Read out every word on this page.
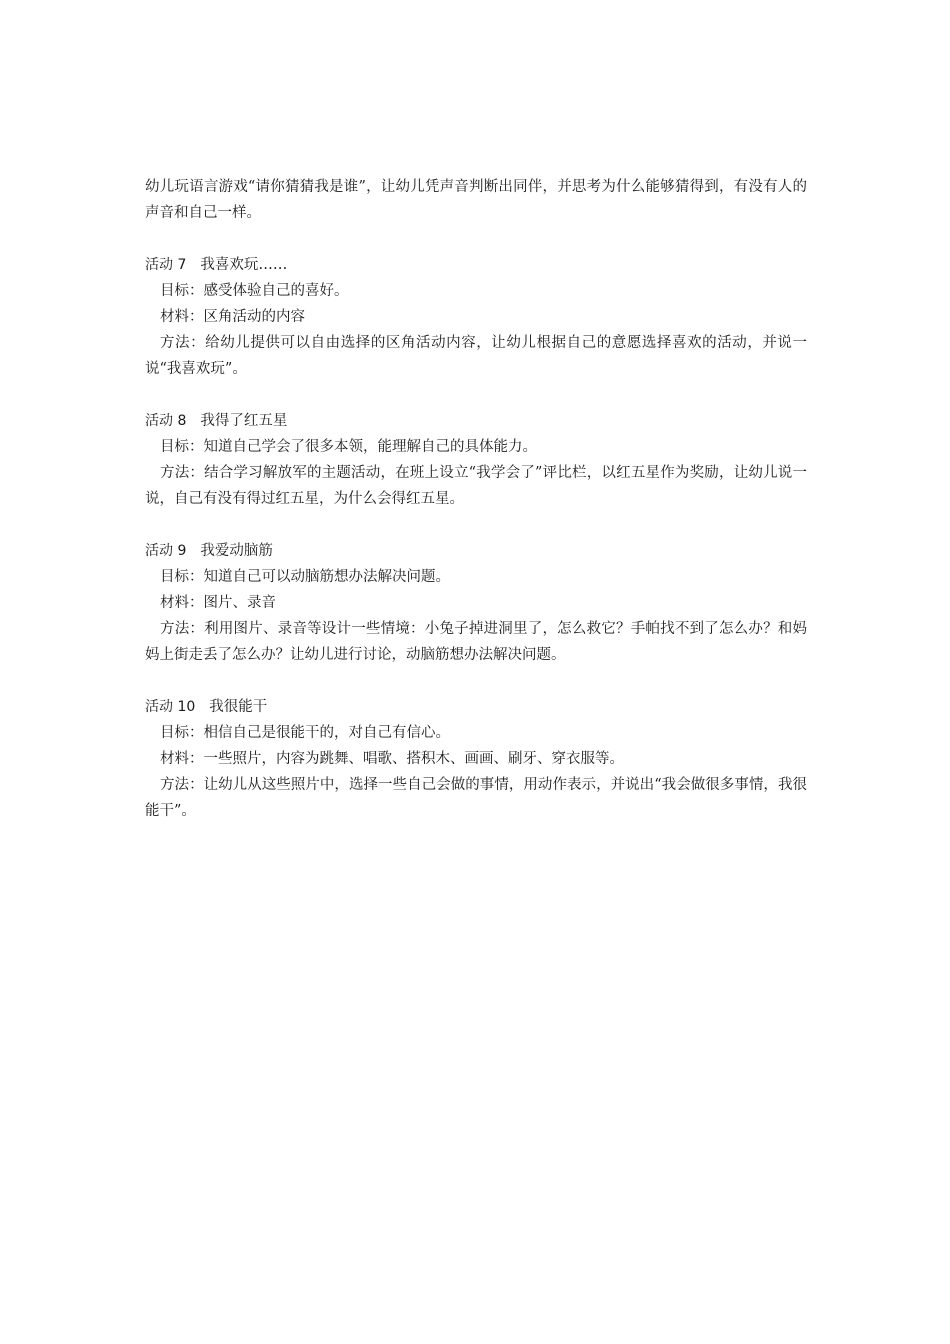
幼儿玩语言游戏“请你猜猜我是谁”，让幼儿凭声音判断出同伴，并思考为什么能够猜得到，有没有人的声音和自己一样。

活动 7 我喜欢玩……

目标：感受体验自己的喜好。

材料：区角活动的内容

方法：给幼儿提供可以自由选择的区角活动内容，让幼儿根据自己的意愿选择喜欢的活动，并说一说“我喜欢玩”。

活动 8 我得了红五星

目标：知道自己学会了很多本领，能理解自己的具体能力。

方法：结合学习解放军的主题活动，在班上设立“我学会了”评比栏，以红五星作为奖励，让幼儿说一说，自己有没有得过红五星，为什么会得红五星。

活动 9 我爱动脑筋

目标：知道自己可以动脑筋想办法解决问题。

材料：图片、录音

方法：利用图片、录音等设计一些情境：小兔子掉进洞里了，怎么救它？手帕找不到了怎么办？和妈妈上街走丢了怎么办？让幼儿进行讨论，动脑筋想办法解决问题。

活动 10 我很能干

目标：相信自己是很能干的，对自己有信心。

材料：一些照片，内容为跳舞、唱歌、搭积木、画画、刷牙、穿衣服等。

方法：让幼儿从这些照片中，选择一些自己会做的事情，用动作表示，并说出“我会做很多事情，我很能干”。
